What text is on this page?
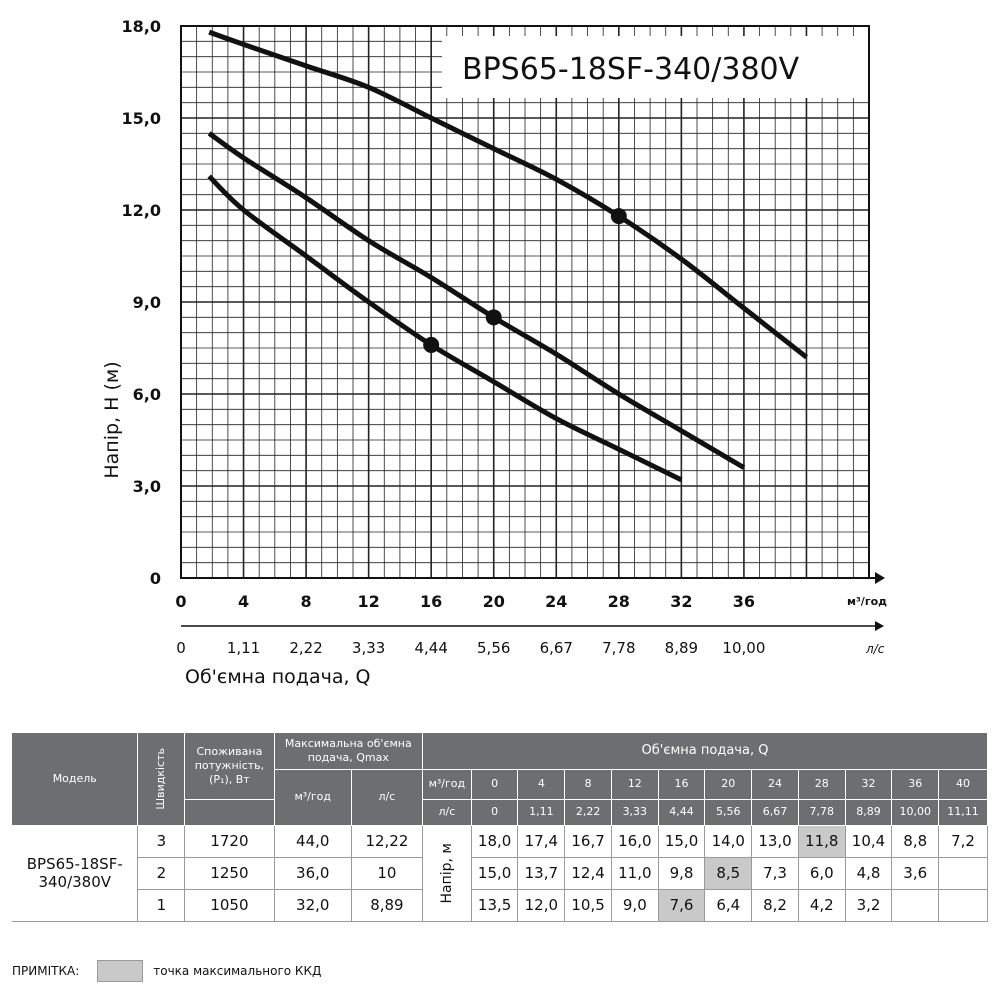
0
3,0
6,0
9,0
12,0
15,0
18,0
0	4	8	12	16	20	24	28	32	36
0	1,11 2,22 3,33 4,44 5,56 6,67 7,78 8,89 10,00
BPS65-18SF-340/380V
Напір, Н (м)
Об'ємна подача, Q
м³/год
л/с
Модель	Швидкість	Споживана потужність, (P₁), Вт	Максимальна об'ємна подача, Qmax		Об'ємна подача, Q											
			м³/год	л/с	м³/год	0	4	8	12	16	20	24	28	32	36	40
					л/с	0	1,11	2,22	3,33	4,44	5,56	6,67	7,78	8,89	10,00	11,11
BPS65-18SF-340/380V	3	1720	44,0	12,22	Напір, м	18,0	17,4	16,7	16,0	15,0	14,0	13,0	11,8	10,4	8,8	7,2
	2	1250	36,0	10		15,0	13,7	12,4	11,0	9,8	8,5	7,3	6,0	4,8	3,6	
	1	1050	32,0	8,89		13,5	12,0	10,5	9,0	7,6	6,4	8,2	4,2	3,2		
ПРИМІТКА:	точка максимального ККД
